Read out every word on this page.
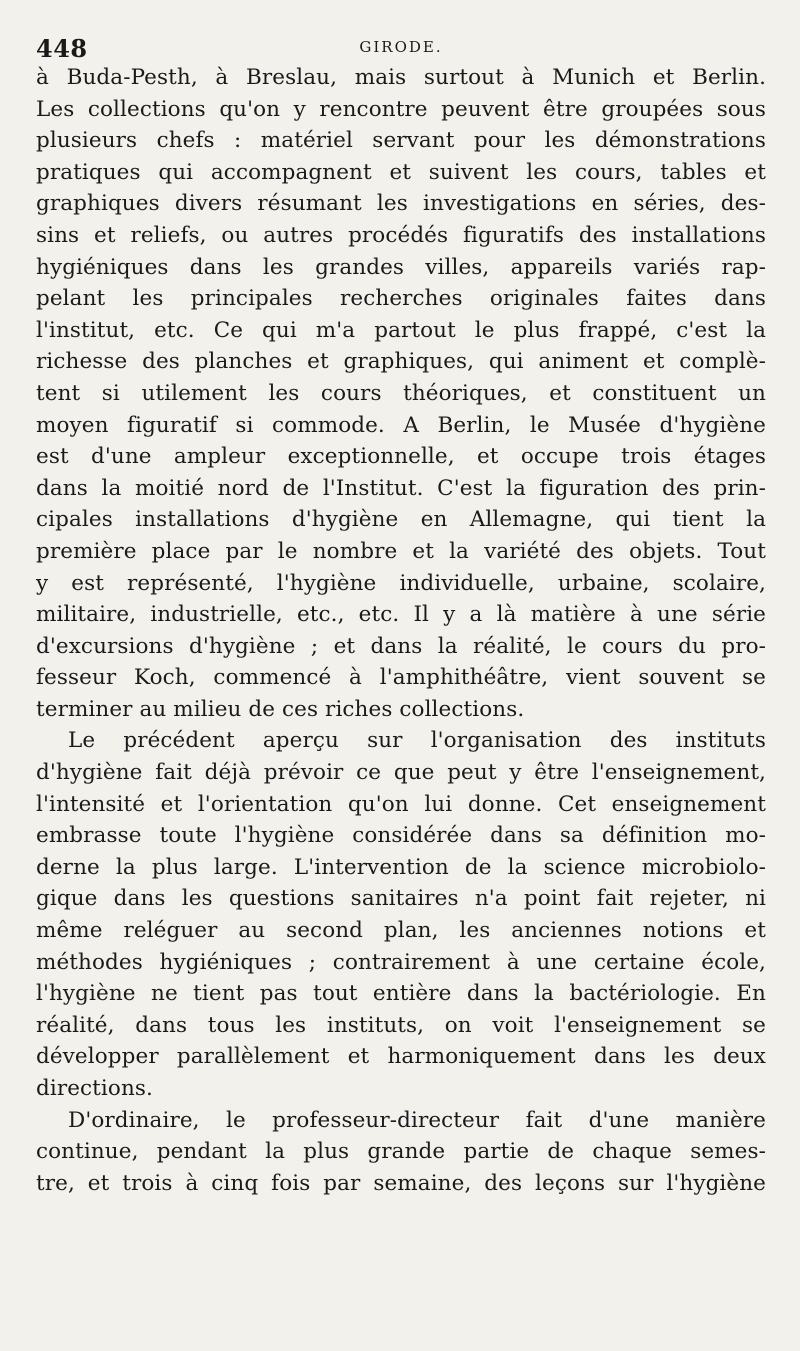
448	GIRODE.
à Buda-Pesth, à Breslau, mais surtout à Munich et Berlin.
Les collections qu'on y rencontre peuvent être groupées sous
plusieurs chefs : matériel servant pour les démonstrations
pratiques qui accompagnent et suivent les cours, tables et
graphiques divers résumant les investigations en séries, des-
sins et reliefs, ou autres procédés figuratifs des installations
hygiéniques dans les grandes villes, appareils variés rap-
pelant les principales recherches originales faites dans
l'institut, etc. Ce qui m'a partout le plus frappé, c'est la
richesse des planches et graphiques, qui animent et complè-
tent si utilement les cours théoriques, et constituent un
moyen figuratif si commode. A Berlin, le Musée d'hygiène
est d'une ampleur exceptionnelle, et occupe trois étages
dans la moitié nord de l'Institut. C'est la figuration des prin-
cipales installations d'hygiène en Allemagne, qui tient la
première place par le nombre et la variété des objets. Tout
y est représenté, l'hygiène individuelle, urbaine, scolaire,
militaire, industrielle, etc., etc. Il y a là matière à une série
d'excursions d'hygiène ; et dans la réalité, le cours du pro-
fesseur Koch, commencé à l'amphithéâtre, vient souvent se
terminer au milieu de ces riches collections.
Le précédent aperçu sur l'organisation des instituts
d'hygiène fait déjà prévoir ce que peut y être l'enseignement,
l'intensité et l'orientation qu'on lui donne. Cet enseignement
embrasse toute l'hygiène considérée dans sa définition mo-
derne la plus large. L'intervention de la science microbiolo-
gique dans les questions sanitaires n'a point fait rejeter, ni
même reléguer au second plan, les anciennes notions et
méthodes hygiéniques ; contrairement à une certaine école,
l'hygiène ne tient pas tout entière dans la bactériologie. En
réalité, dans tous les instituts, on voit l'enseignement se
développer parallèlement et harmoniquement dans les deux
directions.
D'ordinaire, le professeur-directeur fait d'une manière
continue, pendant la plus grande partie de chaque semes-
tre, et trois à cinq fois par semaine, des leçons sur l'hygiène
